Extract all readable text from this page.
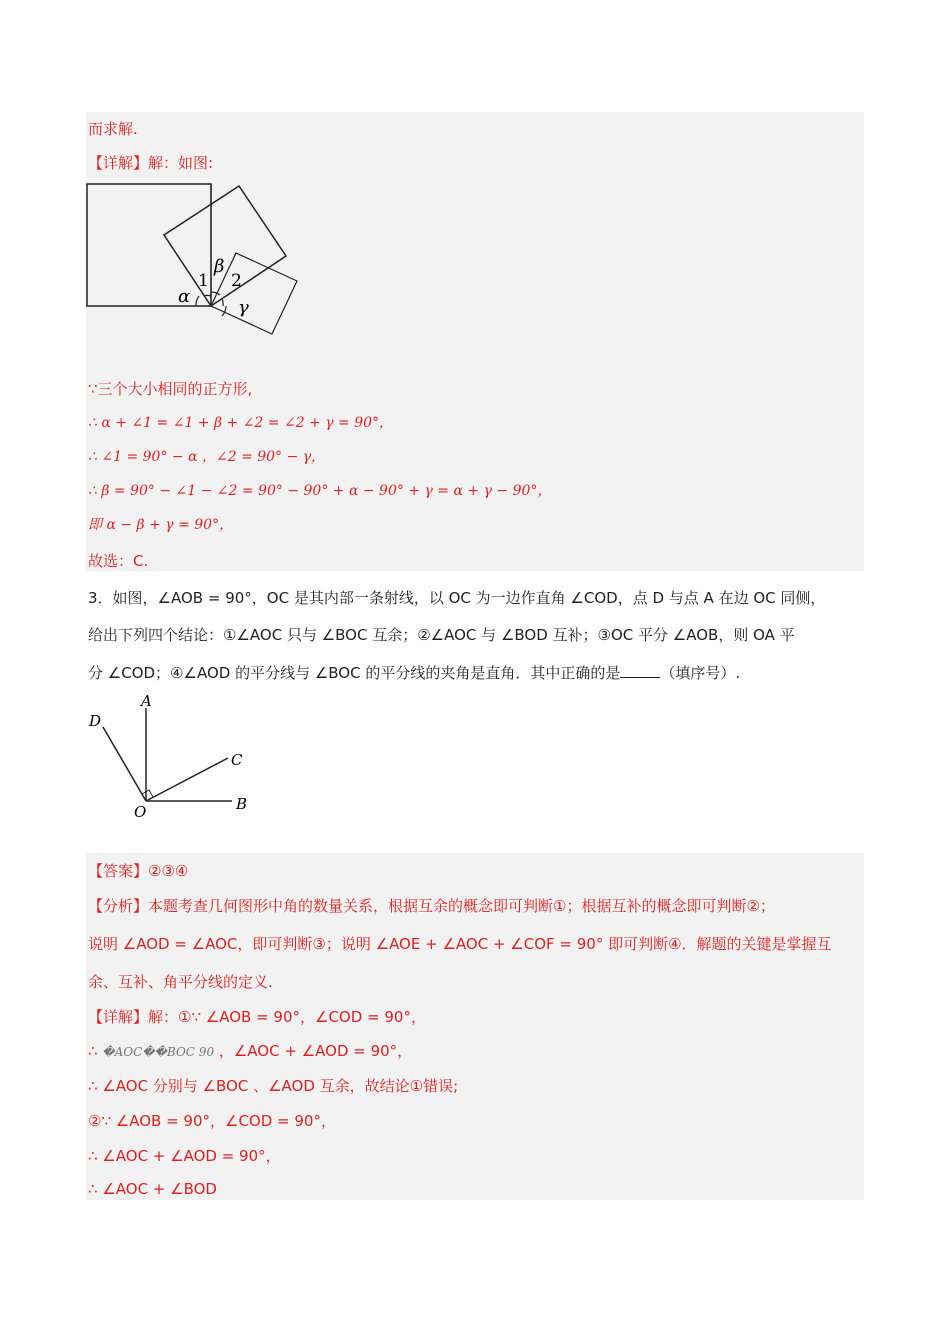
而求解.
【详解】解：如图:
1 2
α
β
γ
∵三个大小相同的正方形,
∴ α + ∠1 = ∠1 + β + ∠2 = ∠2 + γ = 90°，
∴ ∠1 = 90° − α ，∠2 = 90° − γ，
∴ β = 90° − ∠1 − ∠2 = 90° − 90° + α − 90° + γ = α + γ − 90°，
即 α − β + γ = 90°，
故选：C.
3．如图，∠AOB = 90°，OC 是其内部一条射线，以 OC 为一边作直角 ∠COD，点 D 与点 A 在边 OC 同侧，
给出下列四个结论：①∠AOC 只与 ∠BOC 互余；②∠AOC 与 ∠BOD 互补；③OC 平分 ∠AOB，则 OA 平
分 ∠COD；④∠AOD 的平分线与 ∠BOC 的平分线的夹角是直角．其中正确的是	（填序号）.
A
D
C
B
O
【答案】②③④
【分析】本题考查几何图形中角的数量关系，根据互余的概念即可判断①；根据互补的概念即可判断②；
说明 ∠AOD = ∠AOC，即可判断③；说明 ∠AOE + ∠AOC + ∠COF = 90° 即可判断④．解题的关键是掌握互
余、互补、角平分线的定义.
【详解】解：①∵ ∠AOB = 90°，∠COD = 90°，
∴ �AOC��BOC 90 ，∠AOC + ∠AOD = 90°，
∴ ∠AOC 分别与 ∠BOC 、∠AOD 互余，故结论①错误;
②∵ ∠AOB = 90°，∠COD = 90°，
∴ ∠AOC + ∠AOD = 90°，
∴ ∠AOC + ∠BOD
